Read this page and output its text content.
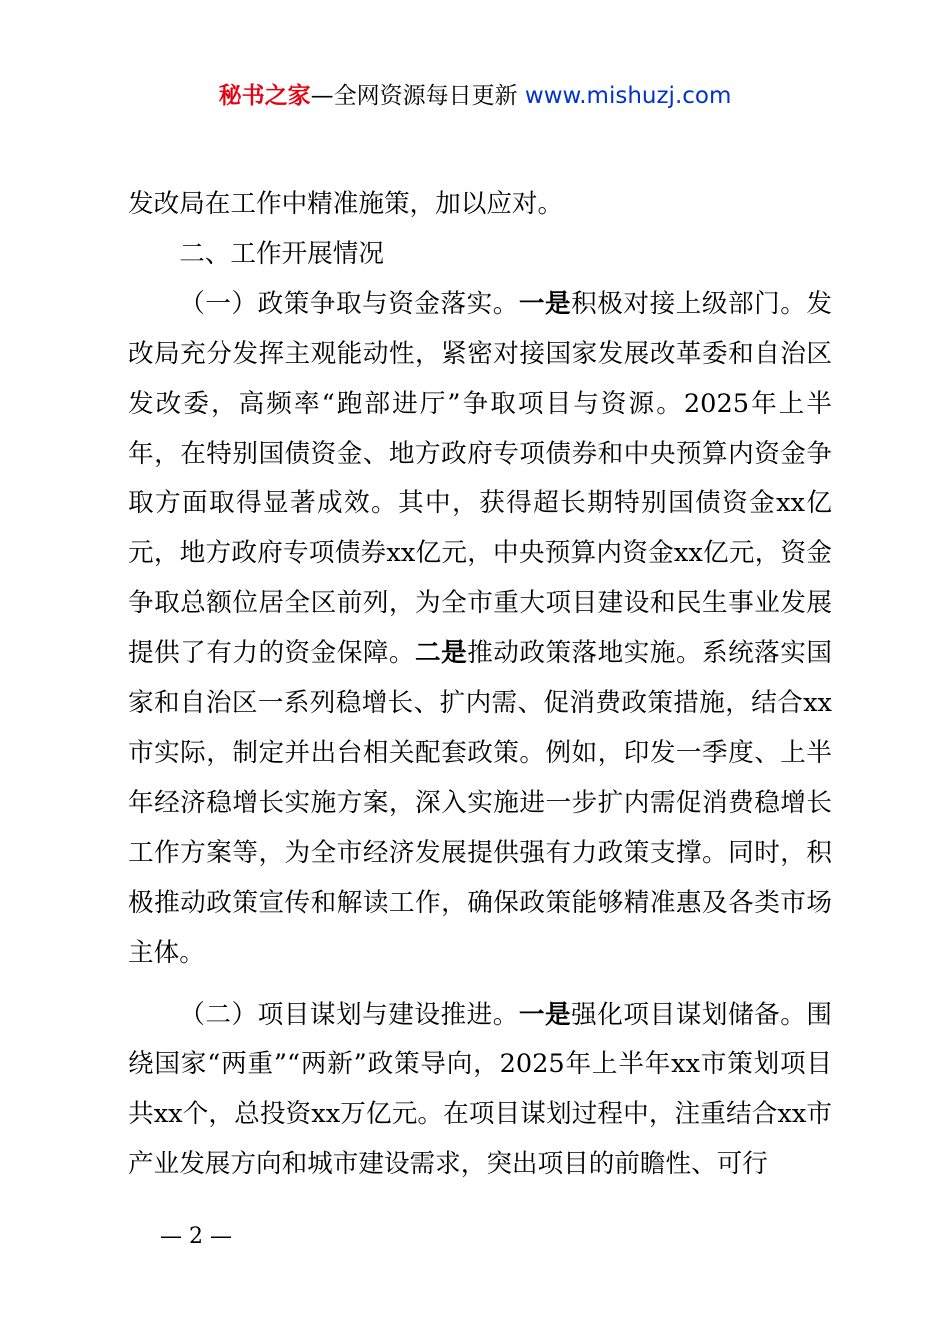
秘书之家—全网资源每日更新 www.mishuzj.com

发改局在工作中精准施策，加以应对。

二、工作开展情况

（一）政策争取与资金落实。一是积极对接上级部门。发改局充分发挥主观能动性，紧密对接国家发展改革委和自治区发改委，高频率“跑部进厅”争取项目与资源。2025年上半年，在特别国债资金、地方政府专项债券和中央预算内资金争取方面取得显著成效。其中，获得超长期特别国债资金xx亿元，地方政府专项债券xx亿元，中央预算内资金xx亿元，资金争取总额位居全区前列，为全市重大项目建设和民生事业发展提供了有力的资金保障。二是推动政策落地实施。系统落实国家和自治区一系列稳增长、扩内需、促消费政策措施，结合xx市实际，制定并出台相关配套政策。例如，印发一季度、上半年经济稳增长实施方案，深入实施进一步扩内需促消费稳增长工作方案等，为全市经济发展提供强有力政策支撑。同时，积极推动政策宣传和解读工作，确保政策能够精准惠及各类市场主体。

（二）项目谋划与建设推进。一是强化项目谋划储备。围绕国家“两重”“两新”政策导向，2025年上半年xx市策划项目共xx个，总投资xx万亿元。在项目谋划过程中，注重结合xx市产业发展方向和城市建设需求，突出项目的前瞻性、可行

— 2 —
